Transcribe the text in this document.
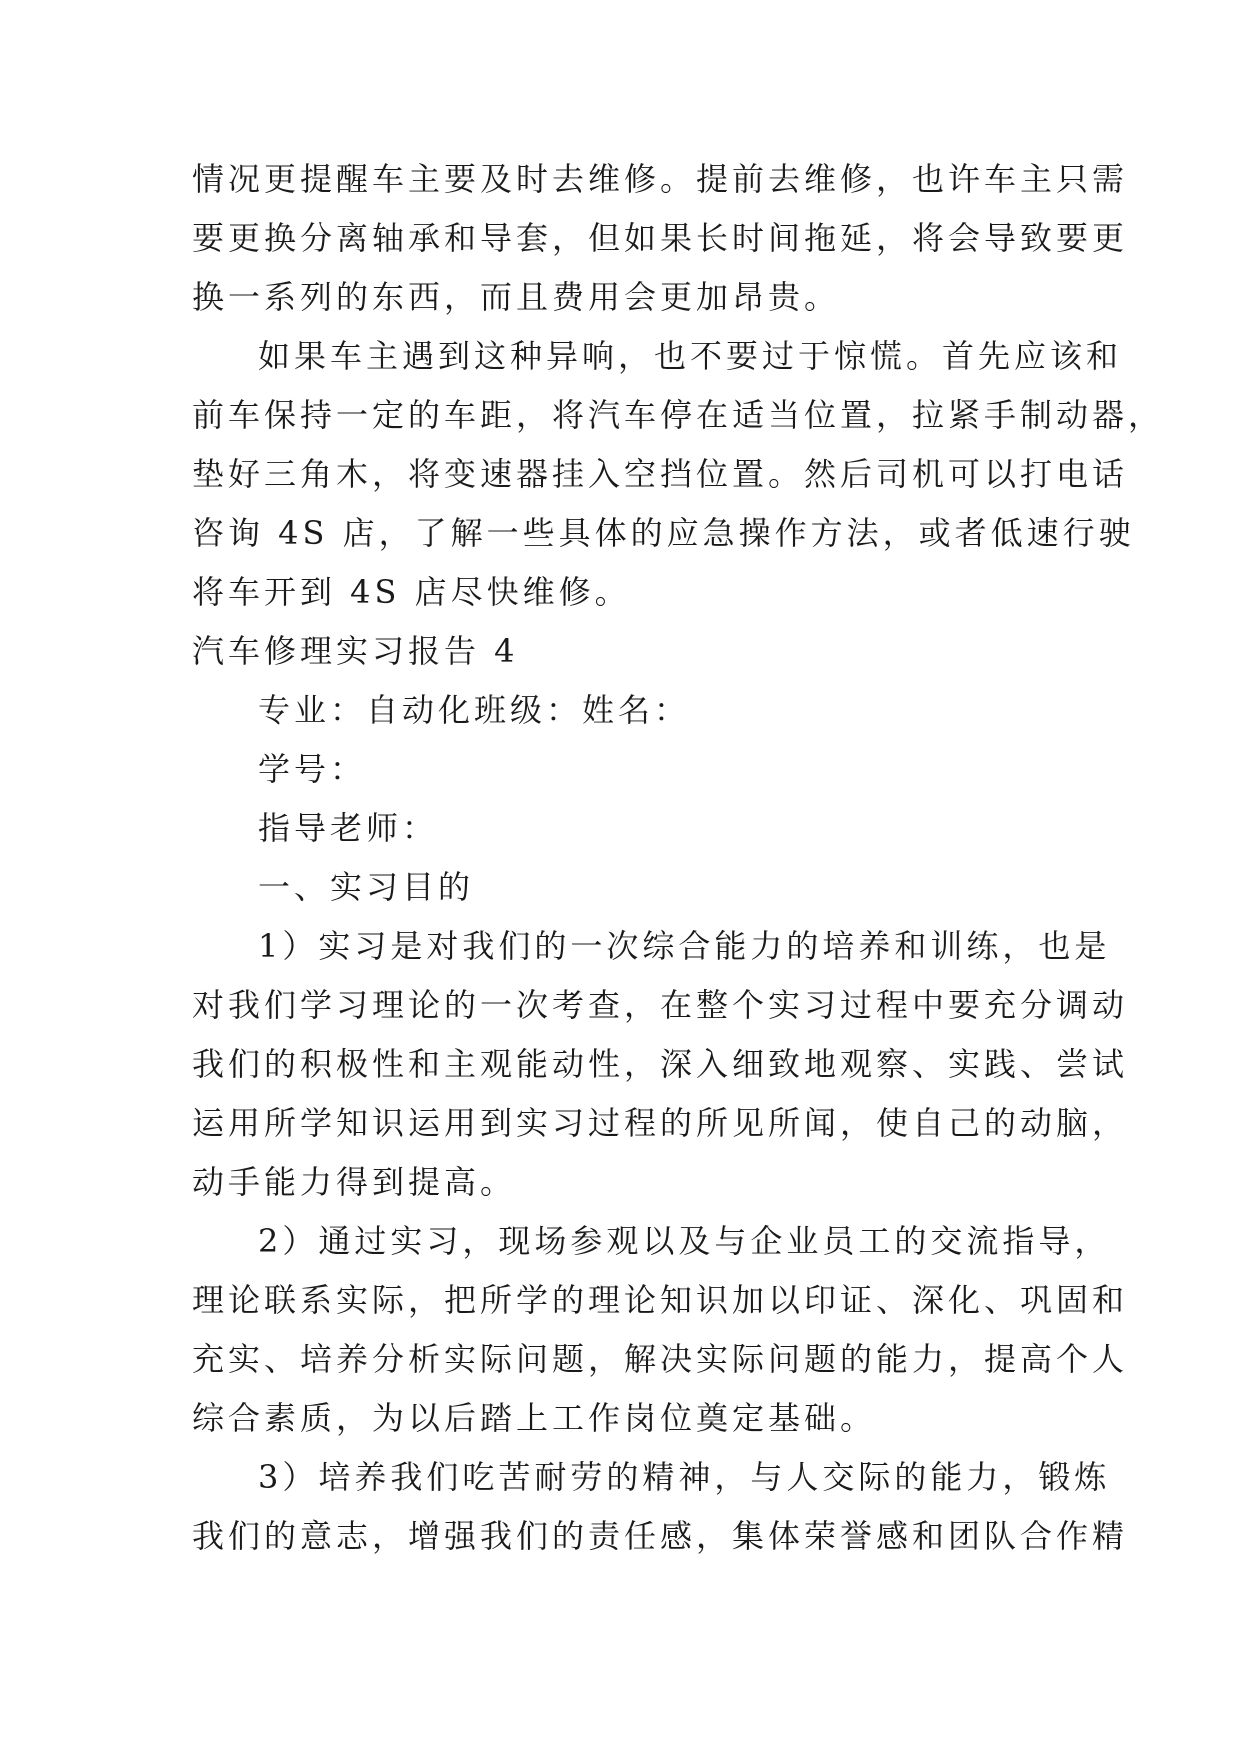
情况更提醒车主要及时去维修。提前去维修，也许车主只需
要更换分离轴承和导套，但如果长时间拖延，将会导致要更
换一系列的东西，而且费用会更加昂贵。
如果车主遇到这种异响，也不要过于惊慌。首先应该和
前车保持一定的车距，将汽车停在适当位置，拉紧手制动器，
垫好三角木，将变速器挂入空挡位置。然后司机可以打电话
咨询 4S 店，了解一些具体的应急操作方法，或者低速行驶
将车开到 4S 店尽快维修。
汽车修理实习报告 4
专业：自动化班级：姓名：
学号：
指导老师：
一、实习目的
1）实习是对我们的一次综合能力的培养和训练，也是
对我们学习理论的一次考查，在整个实习过程中要充分调动
我们的积极性和主观能动性，深入细致地观察、实践、尝试
运用所学知识运用到实习过程的所见所闻，使自己的动脑，
动手能力得到提高。
2）通过实习，现场参观以及与企业员工的交流指导，
理论联系实际，把所学的理论知识加以印证、深化、巩固和
充实、培养分析实际问题，解决实际问题的能力，提高个人
综合素质，为以后踏上工作岗位奠定基础。
3）培养我们吃苦耐劳的精神，与人交际的能力，锻炼
我们的意志，增强我们的责任感，集体荣誉感和团队合作精
